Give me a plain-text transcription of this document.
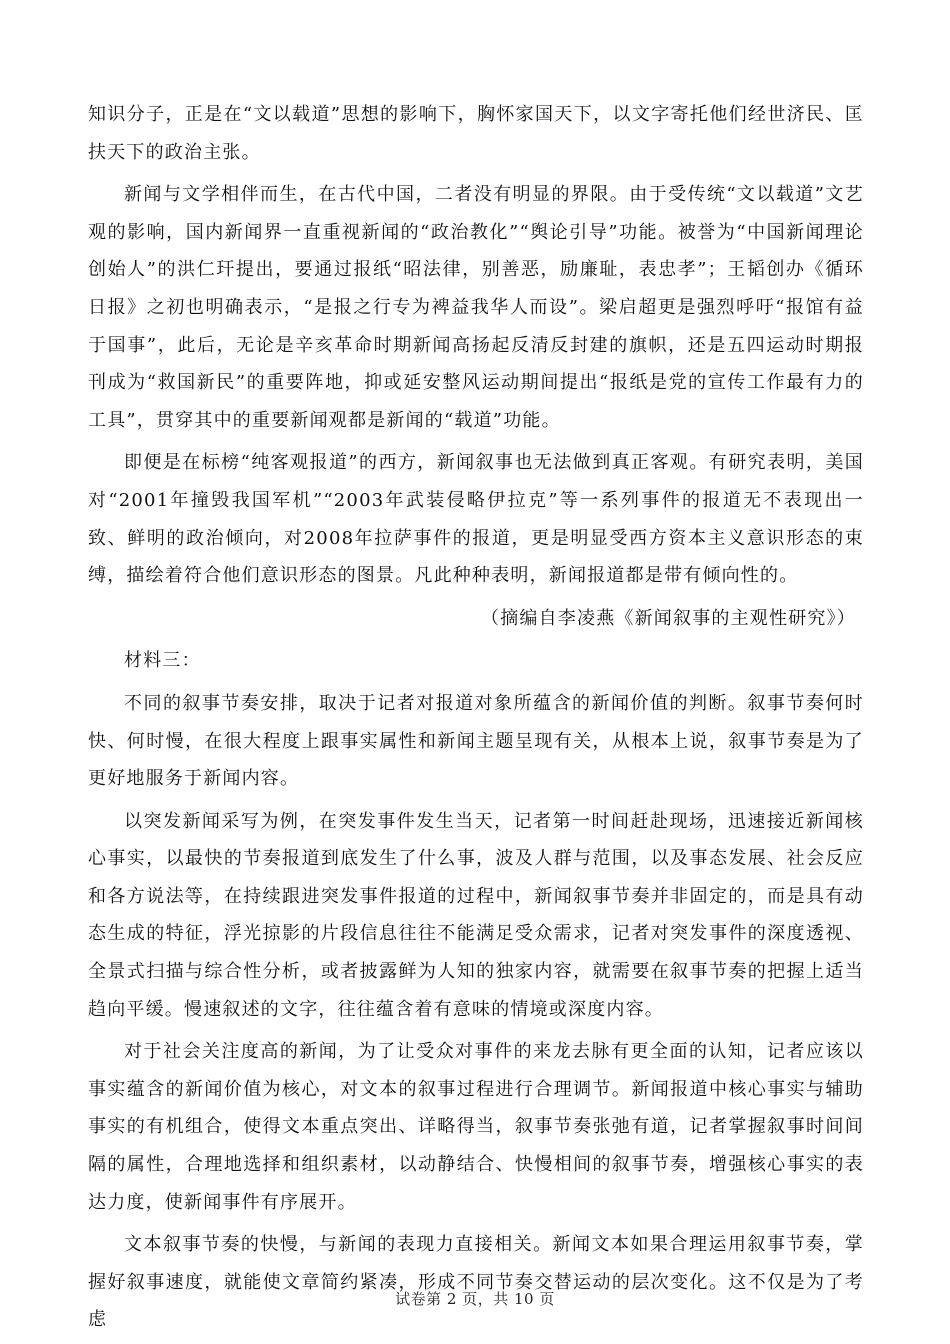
知识分子，正是在“文以载道”思想的影响下，胸怀家国天下，以文字寄托他们经世济民、匡扶天下的政治主张。

新闻与文学相伴而生，在古代中国，二者没有明显的界限。由于受传统“文以载道”文艺观的影响，国内新闻界一直重视新闻的“政治教化”“舆论引导”功能。被誉为“中国新闻理论创始人”的洪仁玕提出，要通过报纸“昭法律，别善恶，励廉耻，表忠孝”；王韬创办《循环日报》之初也明确表示，“是报之行专为裨益我华人而设”。梁启超更是强烈呼吁“报馆有益于国事”，此后，无论是辛亥革命时期新闻高扬起反清反封建的旗帜，还是五四运动时期报刊成为“救国新民”的重要阵地，抑或延安整风运动期间提出“报纸是党的宣传工作最有力的工具”，贯穿其中的重要新闻观都是新闻的“载道”功能。

即便是在标榜“纯客观报道”的西方，新闻叙事也无法做到真正客观。有研究表明，美国对“2001年撞毁我国军机”“2003年武装侵略伊拉克”等一系列事件的报道无不表现出一致、鲜明的政治倾向，对2008年拉萨事件的报道，更是明显受西方资本主义意识形态的束缚，描绘着符合他们意识形态的图景。凡此种种表明，新闻报道都是带有倾向性的。

（摘编自李凌燕《新闻叙事的主观性研究》）

材料三：

不同的叙事节奏安排，取决于记者对报道对象所蕴含的新闻价值的判断。叙事节奏何时快、何时慢，在很大程度上跟事实属性和新闻主题呈现有关，从根本上说，叙事节奏是为了更好地服务于新闻内容。

以突发新闻采写为例，在突发事件发生当天，记者第一时间赶赴现场，迅速接近新闻核心事实，以最快的节奏报道到底发生了什么事，波及人群与范围，以及事态发展、社会反应和各方说法等，在持续跟进突发事件报道的过程中，新闻叙事节奏并非固定的，而是具有动态生成的特征，浮光掠影的片段信息往往不能满足受众需求，记者对突发事件的深度透视、全景式扫描与综合性分析，或者披露鲜为人知的独家内容，就需要在叙事节奏的把握上适当趋向平缓。慢速叙述的文字，往往蕴含着有意味的情境或深度内容。

对于社会关注度高的新闻，为了让受众对事件的来龙去脉有更全面的认知，记者应该以事实蕴含的新闻价值为核心，对文本的叙事过程进行合理调节。新闻报道中核心事实与辅助事实的有机组合，使得文本重点突出、详略得当，叙事节奏张弛有道，记者掌握叙事时间间隔的属性，合理地选择和组织素材，以动静结合、快慢相间的叙事节奏，增强核心事实的表达力度，使新闻事件有序展开。

文本叙事节奏的快慢，与新闻的表现力直接相关。新闻文本如果合理运用叙事节奏，掌握好叙事速度，就能使文章简约紧凑，形成不同节奏交替运动的层次变化。这不仅是为了考虑

试卷第 2 页，共 10 页
